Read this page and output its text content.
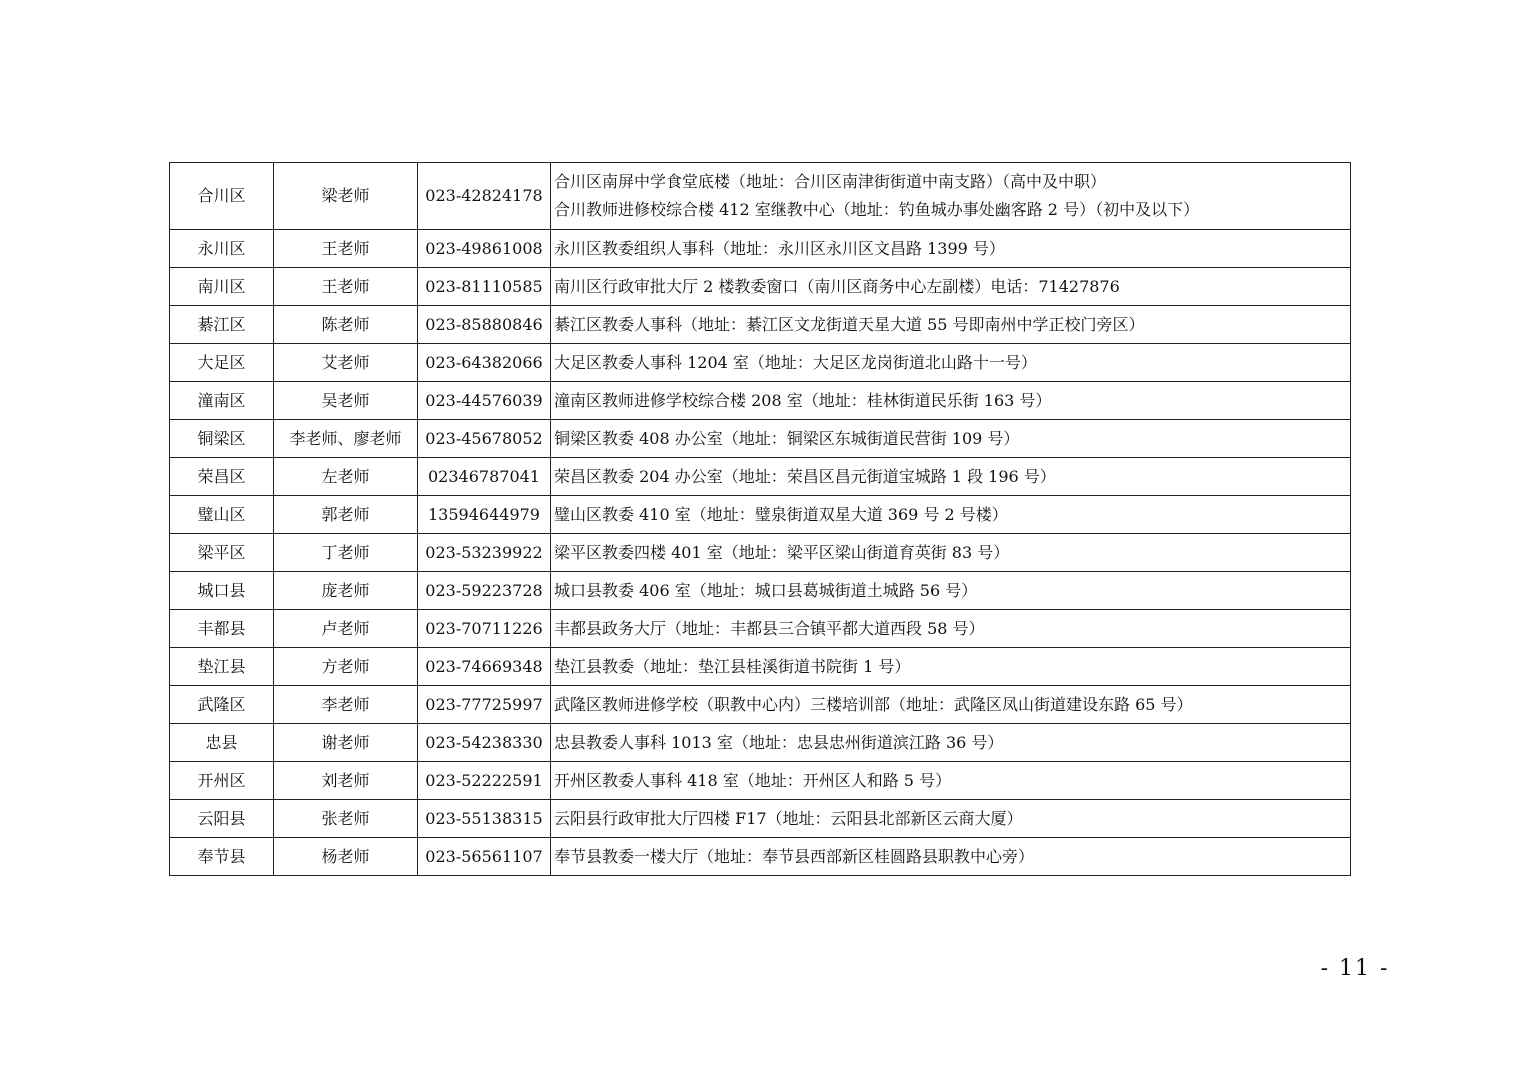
合川区	梁老师	023-42824178	合川区南屏中学食堂底楼（地址：合川区南津街街道中南支路）（高中及中职）
合川教师进修校综合楼 412 室继教中心（地址：钓鱼城办事处幽客路 2 号）（初中及以下）

永川区	王老师	023-49861008	永川区教委组织人事科（地址：永川区永川区文昌路 1399 号）

南川区	王老师	023-81110585	南川区行政审批大厅 2 楼教委窗口（南川区商务中心左副楼）电话：71427876

綦江区	陈老师	023-85880846	綦江区教委人事科（地址：綦江区文龙街道天星大道 55 号即南州中学正校门旁区）

大足区	艾老师	023-64382066	大足区教委人事科 1204 室（地址：大足区龙岗街道北山路十一号）

潼南区	吴老师	023-44576039	潼南区教师进修学校综合楼 208 室（地址：桂林街道民乐街 163 号）

铜梁区	李老师、廖老师	023-45678052	铜梁区教委 408 办公室（地址：铜梁区东城街道民营街 109 号）

荣昌区	左老师	02346787041	荣昌区教委 204 办公室（地址：荣昌区昌元街道宝城路 1 段 196 号）

璧山区	郭老师	13594644979	璧山区教委 410 室（地址：璧泉街道双星大道 369 号 2 号楼）

梁平区	丁老师	023-53239922	梁平区教委四楼 401 室（地址：梁平区梁山街道育英街 83 号）

城口县	庞老师	023-59223728	城口县教委 406 室（地址：城口县葛城街道土城路 56 号）

丰都县	卢老师	023-70711226	丰都县政务大厅（地址：丰都县三合镇平都大道西段 58 号）

垫江县	方老师	023-74669348	垫江县教委（地址：垫江县桂溪街道书院街 1 号）

武隆区	李老师	023-77725997	武隆区教师进修学校（职教中心内）三楼培训部（地址：武隆区凤山街道建设东路 65 号）

忠县	谢老师	023-54238330	忠县教委人事科 1013 室（地址：忠县忠州街道滨江路 36 号）

开州区	刘老师	023-52222591	开州区教委人事科 418 室（地址：开州区人和路 5 号）

云阳县	张老师	023-55138315	云阳县行政审批大厅四楼 F17（地址：云阳县北部新区云商大厦）

奉节县	杨老师	023-56561107	奉节县教委一楼大厅（地址：奉节县西部新区桂圆路县职教中心旁）
- 11 -
